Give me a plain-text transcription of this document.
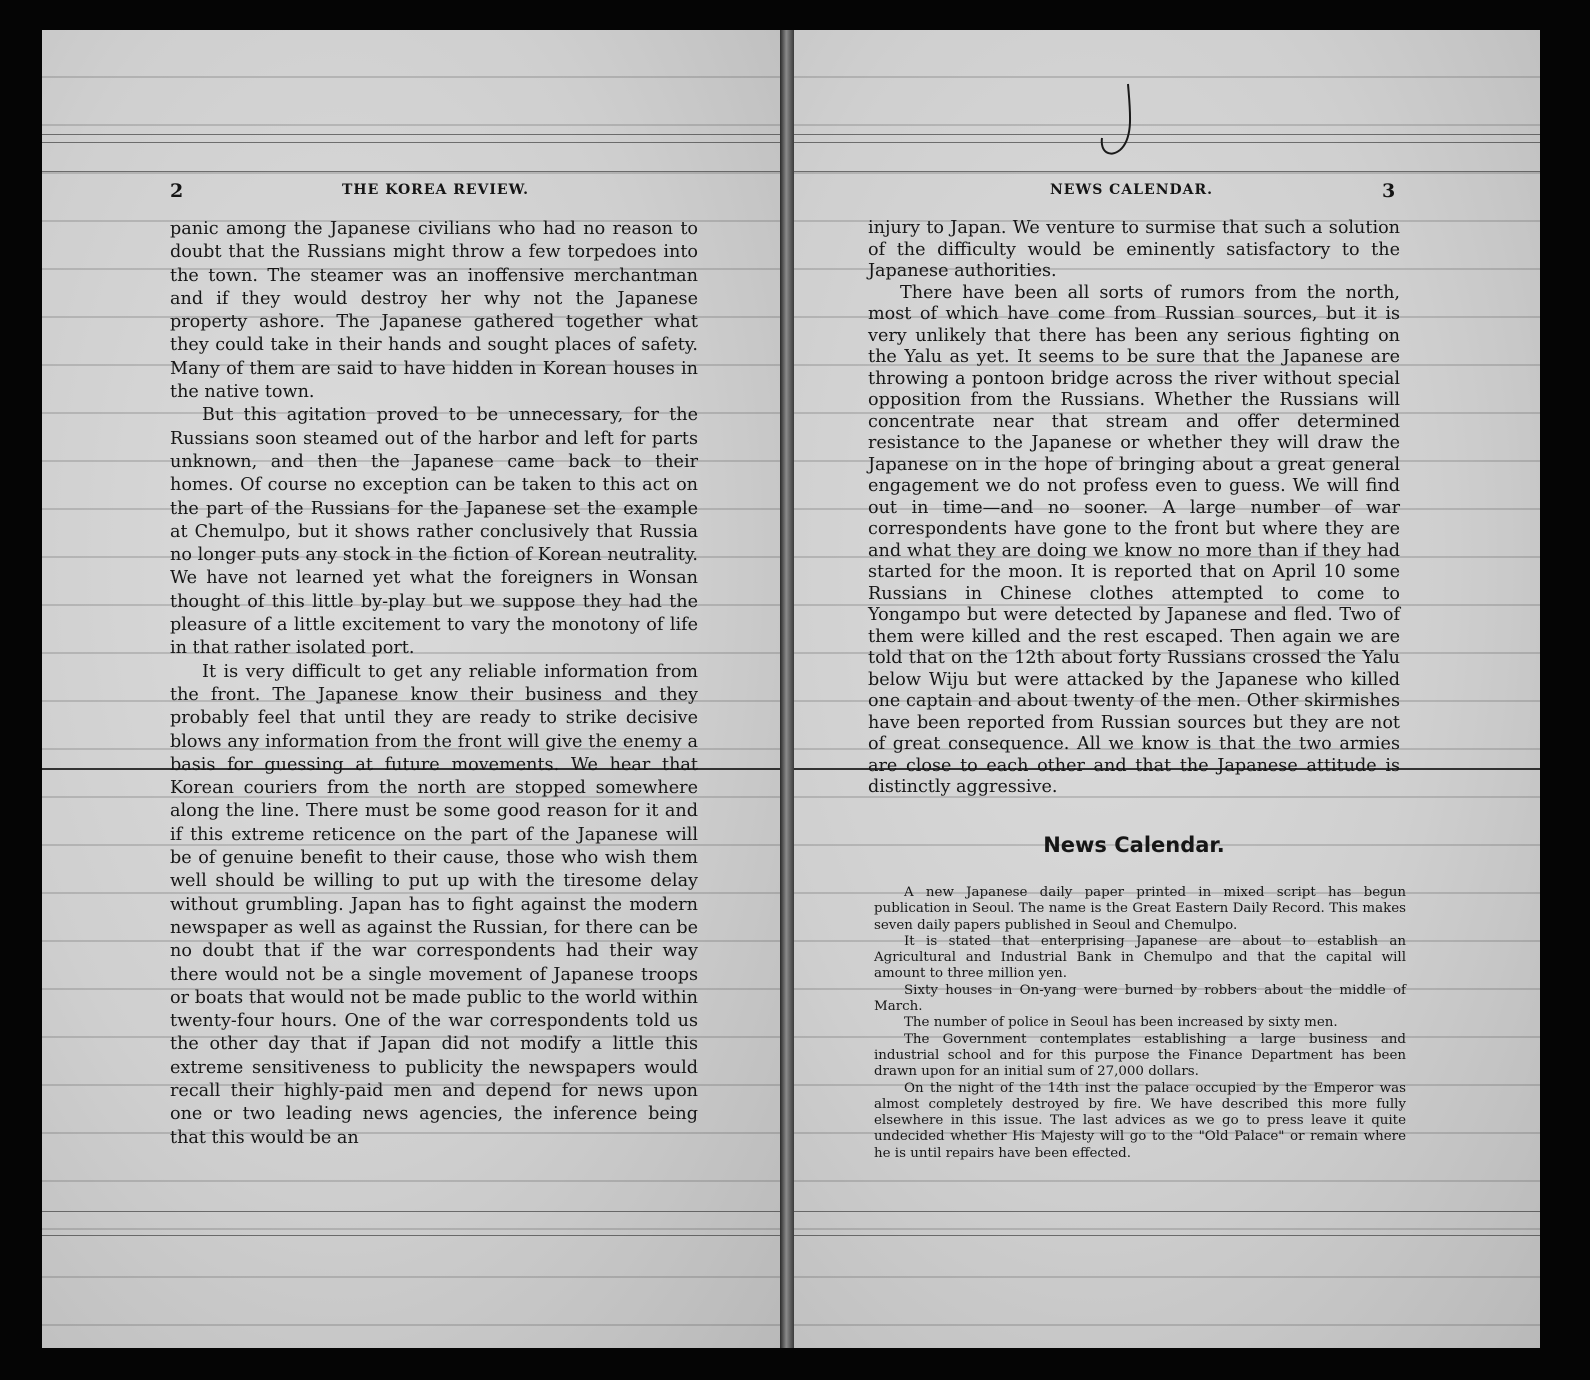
2	THE KOREA REVIEW.

panic among the Japanese civilians who had no reason to doubt that the Russians might throw a few torpedoes into the town. The steamer was an inoffensive merchantman and if they would destroy her why not the Japanese property ashore. The Japanese gathered together what they could take in their hands and sought places of safety. Many of them are said to have hidden in Korean houses in the native town.

But this agitation proved to be unnecessary, for the Russians soon steamed out of the harbor and left for parts unknown, and then the Japanese came back to their homes. Of course no exception can be taken to this act on the part of the Russians for the Japanese set the example at Chemulpo, but it shows rather conclusively that Russia no longer puts any stock in the fiction of Korean neutrality. We have not learned yet what the foreigners in Wonsan thought of this little by-play but we suppose they had the pleasure of a little excitement to vary the monotony of life in that rather isolated port.

It is very difficult to get any reliable information from the front. The Japanese know their business and they probably feel that until they are ready to strike decisive blows any information from the front will give the enemy a basis for guessing at future movements. We hear that Korean couriers from the north are stopped somewhere along the line. There must be some good reason for it and if this extreme reticence on the part of the Japanese will be of genuine benefit to their cause, those who wish them well should be willing to put up with the tiresome delay without grumbling. Japan has to fight against the modern newspaper as well as against the Russian, for there can be no doubt that if the war correspondents had their way there would not be a single movement of Japanese troops or boats that would not be made public to the world within twenty-four hours. One of the war correspondents told us the other day that if Japan did not modify a little this extreme sensitiveness to publicity the newspapers would recall their highly-paid men and depend for news upon one or two leading news agencies, the inference being that this would be an

NEWS CALENDAR.	3

injury to Japan. We venture to surmise that such a solution of the difficulty would be eminently satisfactory to the Japanese authorities.

There have been all sorts of rumors from the north, most of which have come from Russian sources, but it is very unlikely that there has been any serious fighting on the Yalu as yet. It seems to be sure that the Japanese are throwing a pontoon bridge across the river without special opposition from the Russians. Whether the Russians will concentrate near that stream and offer determined resistance to the Japanese or whether they will draw the Japanese on in the hope of bringing about a great general engagement we do not profess even to guess. We will find out in time—and no sooner. A large number of war correspondents have gone to the front but where they are and what they are doing we know no more than if they had started for the moon. It is reported that on April 10 some Russians in Chinese clothes attempted to come to Yongampo but were detected by Japanese and fled. Two of them were killed and the rest escaped. Then again we are told that on the 12th about forty Russians crossed the Yalu below Wiju but were attacked by the Japanese who killed one captain and about twenty of the men. Other skirmishes have been reported from Russian sources but they are not of great consequence. All we know is that the two armies are close to each other and that the Japanese attitude is distinctly aggressive.

News Calendar.

A new Japanese daily paper printed in mixed script has begun publication in Seoul. The name is the Great Eastern Daily Record. This makes seven daily papers published in Seoul and Chemulpo.

It is stated that enterprising Japanese are about to establish an Agricultural and Industrial Bank in Chemulpo and that the capital will amount to three million yen.

Sixty houses in On-yang were burned by robbers about the middle of March.

The number of police in Seoul has been increased by sixty men.

The Government contemplates establishing a large business and industrial school and for this purpose the Finance Department has been drawn upon for an initial sum of 27,000 dollars.

On the night of the 14th inst the palace occupied by the Emperor was almost completely destroyed by fire. We have described this more fully elsewhere in this issue. The last advices as we go to press leave it quite undecided whether His Majesty will go to the "Old Palace" or remain where he is until repairs have been effected.
